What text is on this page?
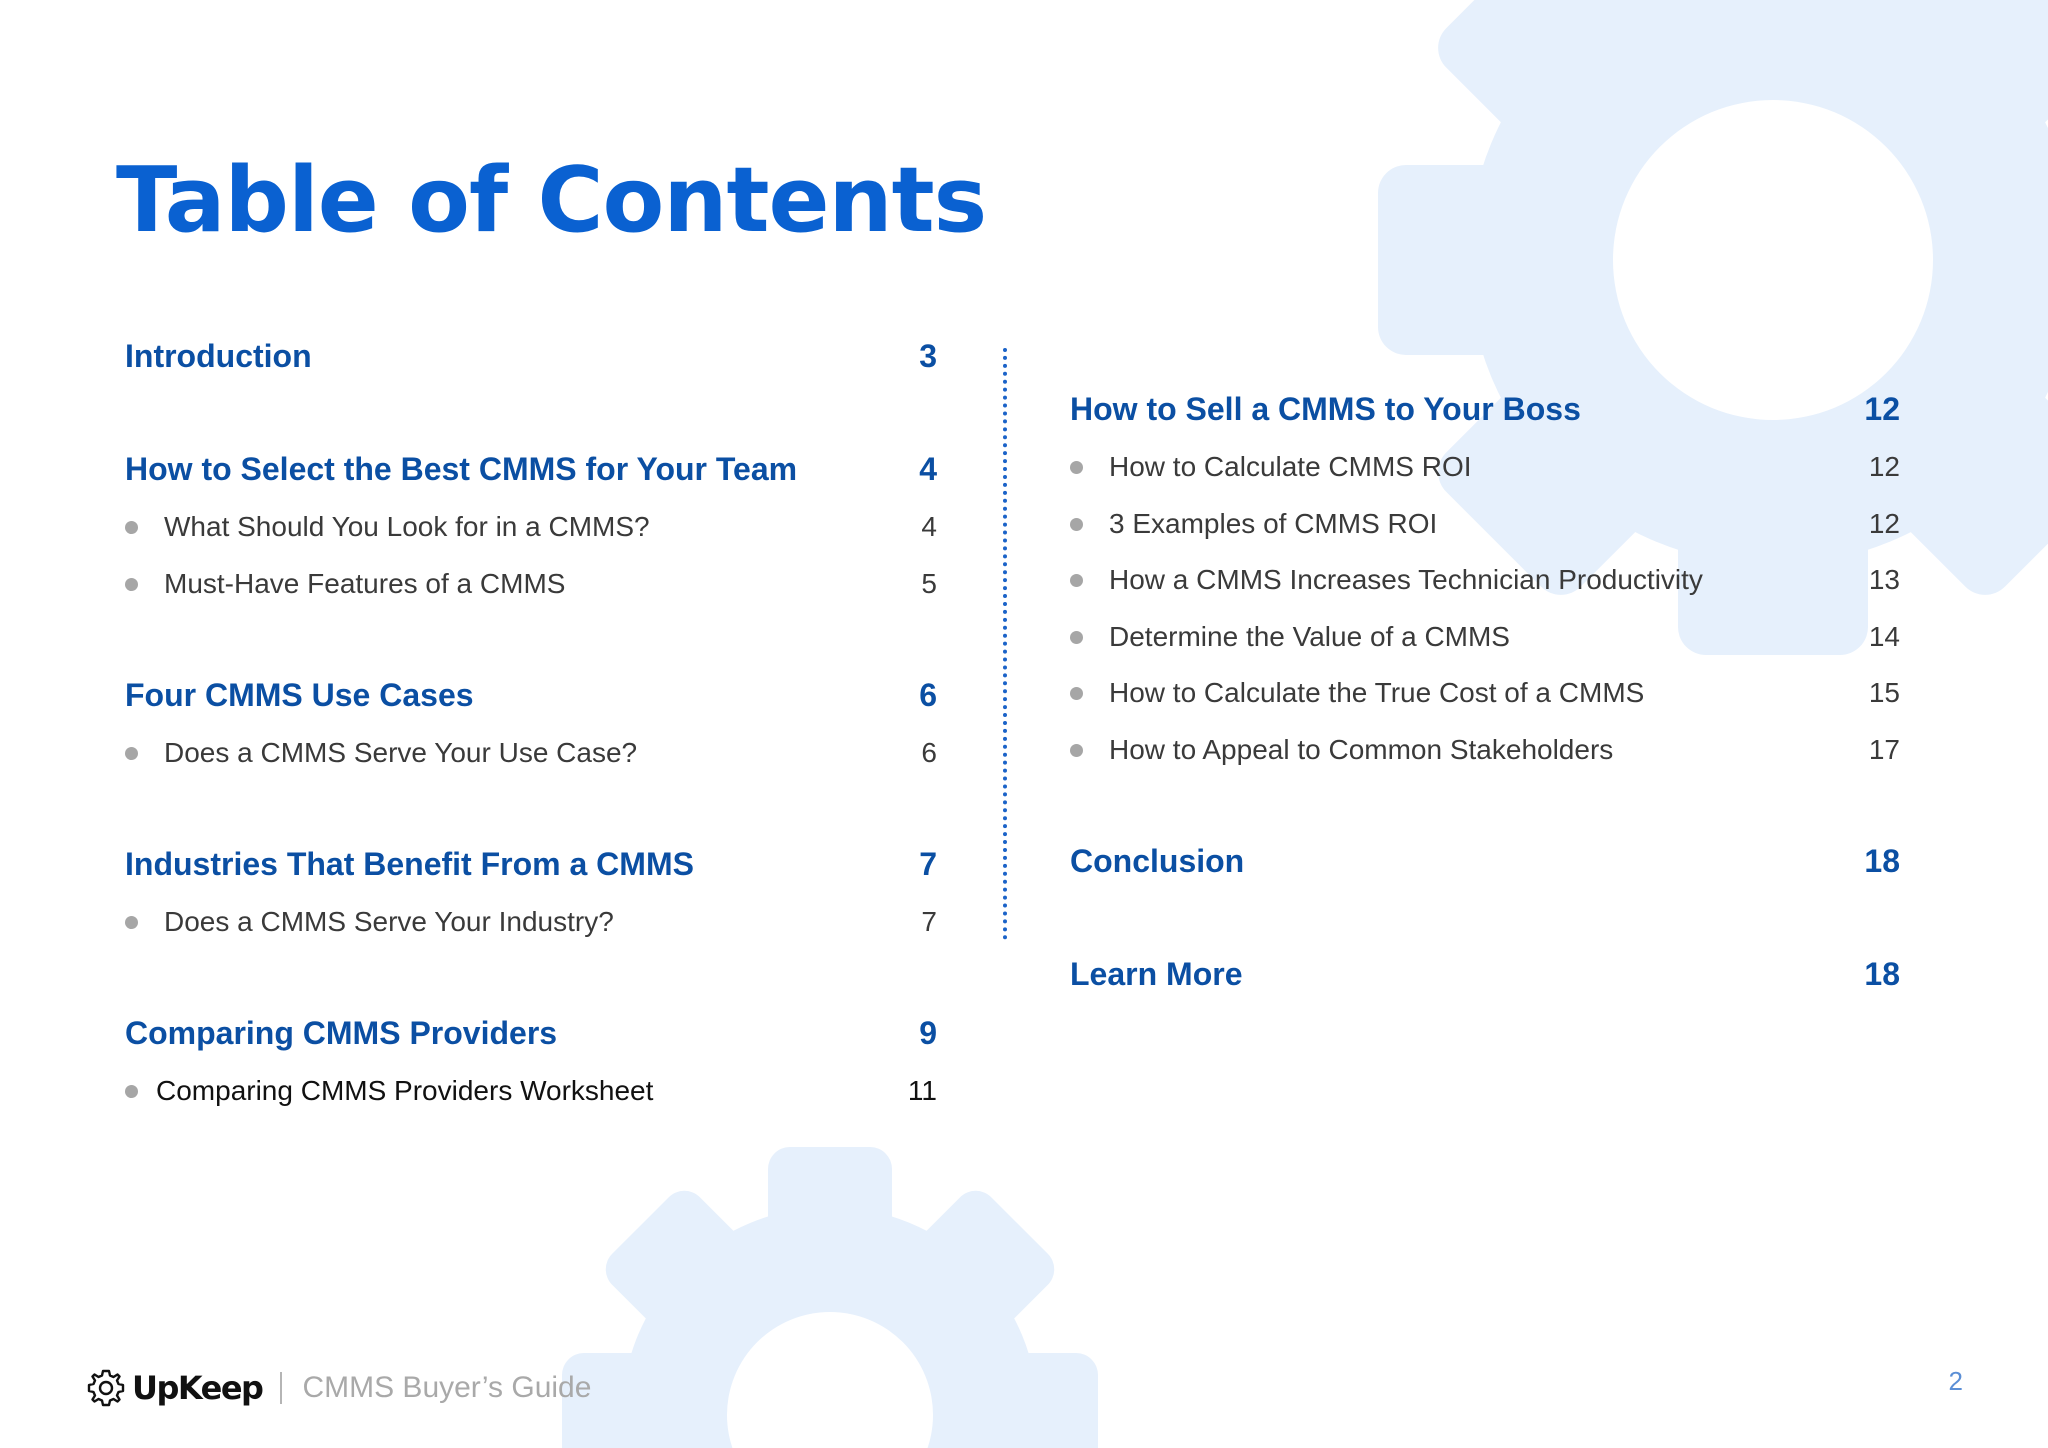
Table of Contents
Introduction	3
How to Select the Best CMMS for Your Team	4
What Should You Look for in a CMMS?	4
Must-Have Features of a CMMS	5
Four CMMS Use Cases	6
Does a CMMS Serve Your Use Case?	6
Industries That Benefit From a CMMS	7
Does a CMMS Serve Your Industry?	7
Comparing CMMS Providers	9
Comparing CMMS Providers Worksheet	11
How to Sell a CMMS to Your Boss	12
How to Calculate CMMS ROI	12
3 Examples of CMMS ROI	12
How a CMMS Increases Technician Productivity	13
Determine the Value of a CMMS	14
How to Calculate the True Cost of a CMMS	15
How to Appeal to Common Stakeholders	17
Conclusion	18
Learn More	18
UpKeep CMMS Buyer’s Guide	2
